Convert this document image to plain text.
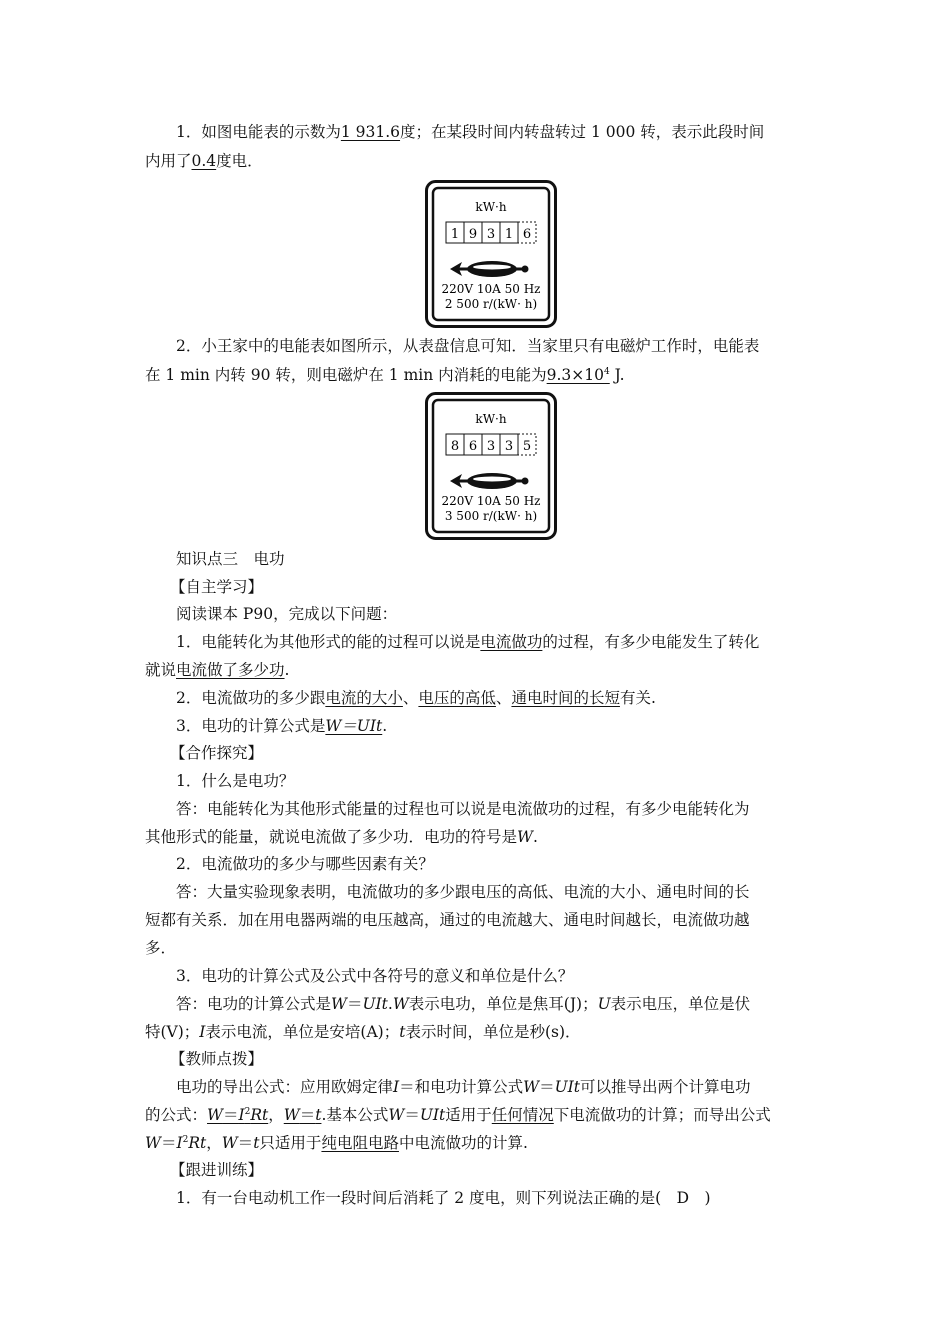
1．如图电能表的示数为1 931.6度；在某段时间内转盘转过 1 000 转，表示此段时间
内用了0.4度电．
kW·h
1 9 3 1 6
220V 10A 50 Hz
2 500 r/(kW· h)
2．小王家中的电能表如图所示，从表盘信息可知．当家里只有电磁炉工作时，电能表
在 1 min 内转 90 转，则电磁炉在 1 min 内消耗的电能为$9.3\times 10^4$ J.
kW·h
8 6 3 3 5
220V 10A 50 Hz
3 500 r/(kW· h)
知识点三　电功
【自主学习】
阅读课本 P90，完成以下问题：
1．电能转化为其他形式的能的过程可以说是电流做功的过程，有多少电能发生了转化
就说电流做了多少功.
2．电流做功的多少跟电流的大小、电压的高低、通电时间的长短有关.
3．电功的计算公式是W＝UIt.
【合作探究】
1．什么是电功？
答：电能转化为其他形式能量的过程也可以说是电流做功的过程，有多少电能转化为
其他形式的能量，就说电流做了多少功．电功的符号是W.
2．电流做功的多少与哪些因素有关？
答：大量实验现象表明，电流做功的多少跟电压的高低、电流的大小、通电时间的长
短都有关系．加在用电器两端的电压越高，通过的电流越大、通电时间越长，电流做功越
多．
3．电功的计算公式及公式中各符号的意义和单位是什么？
答：电功的计算公式是W＝UIt.W表示电功，单位是焦耳(J)；U表示电压，单位是伏
特(V)；I表示电流，单位是安培(A)；t表示时间，单位是秒(s)．
【教师点拨】
电功的导出公式：应用欧姆定律I＝和电功计算公式W＝UIt可以推导出两个计算电功
的公式：$W=I^2Rt$，W＝t.基本公式W＝UIt适用于任何情况下电流做功的计算；而导出公式
$W=I^2Rt$，W＝t只适用于纯电阻电路中电流做功的计算.
【跟进训练】
1．有一台电动机工作一段时间后消耗了 2 度电，则下列说法正确的是(　D　)
